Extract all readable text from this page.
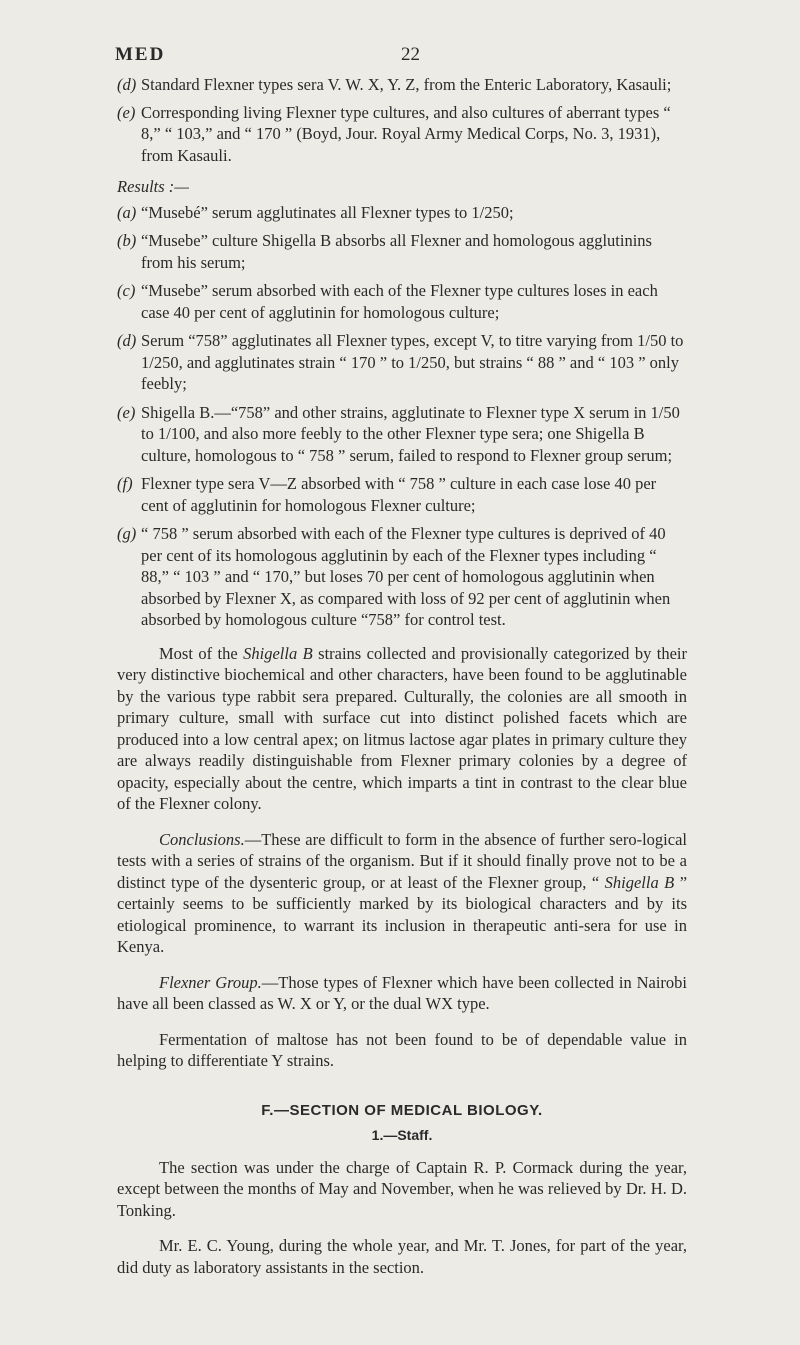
MED	22
(d) Standard Flexner types sera V. W. X, Y. Z, from the Enteric Laboratory, Kasauli;
(e) Corresponding living Flexner type cultures, and also cultures of aberrant types “ 8,” “ 103,” and “ 170 ” (Boyd, Jour. Royal Army Medical Corps, No. 3, 1931), from Kasauli.
Results :—
(a) “Musebé” serum agglutinates all Flexner types to 1/250;
(b) “Musebe” culture Shigella B absorbs all Flexner and homologous agglutinins from his serum;
(c) “Musebe” serum absorbed with each of the Flexner type cultures loses in each case 40 per cent of agglutinin for homologous culture;
(d) Serum “758” agglutinates all Flexner types, except V, to titre varying from 1/50 to 1/250, and agglutinates strain “ 170 ” to 1/250, but strains “ 88 ” and “ 103 ” only feebly;
(e) Shigella B.—“758” and other strains, agglutinate to Flexner type X serum in 1/50 to 1/100, and also more feebly to the other Flexner type sera; one Shigella B culture, homologous to “ 758 ” serum, failed to respond to Flexner group serum;
(f) Flexner type sera V—Z absorbed with “ 758 ” culture in each case lose 40 per cent of agglutinin for homologous Flexner culture;
(g) “ 758 ” serum absorbed with each of the Flexner type cultures is deprived of 40 per cent of its homologous agglutinin by each of the Flexner types including “ 88,” “ 103 ” and “ 170,” but loses 70 per cent of homologous agglutinin when absorbed by Flexner X, as compared with loss of 92 per cent of agglutinin when absorbed by homologous culture “758” for control test.

Most of the Shigella B strains collected and provisionally categorized by their very distinctive biochemical and other characters, have been found to be agglutinable by the various type rabbit sera prepared. Culturally, the colonies are all smooth in primary culture, small with surface cut into distinct polished facets which are produced into a low central apex; on litmus lactose agar plates in primary culture they are always readily distinguishable from Flexner primary colonies by a degree of opacity, especially about the centre, which imparts a tint in contrast to the clear blue of the Flexner colony.

Conclusions.—These are difficult to form in the absence of further sero-logical tests with a series of strains of the organism. But if it should finally prove not to be a distinct type of the dysenteric group, or at least of the Flexner group, “ Shigella B ” certainly seems to be sufficiently marked by its biological characters and by its etiological prominence, to warrant its inclusion in therapeutic anti-sera for use in Kenya.

Flexner Group.—Those types of Flexner which have been collected in Nairobi have all been classed as W. X or Y, or the dual WX type.

Fermentation of maltose has not been found to be of dependable value in helping to differentiate Y strains.

F.—SECTION OF MEDICAL BIOLOGY.
1.—Staff.

The section was under the charge of Captain R. P. Cormack during the year, except between the months of May and November, when he was relieved by Dr. H. D. Tonking.

Mr. E. C. Young, during the whole year, and Mr. T. Jones, for part of the year, did duty as laboratory assistants in the section.
